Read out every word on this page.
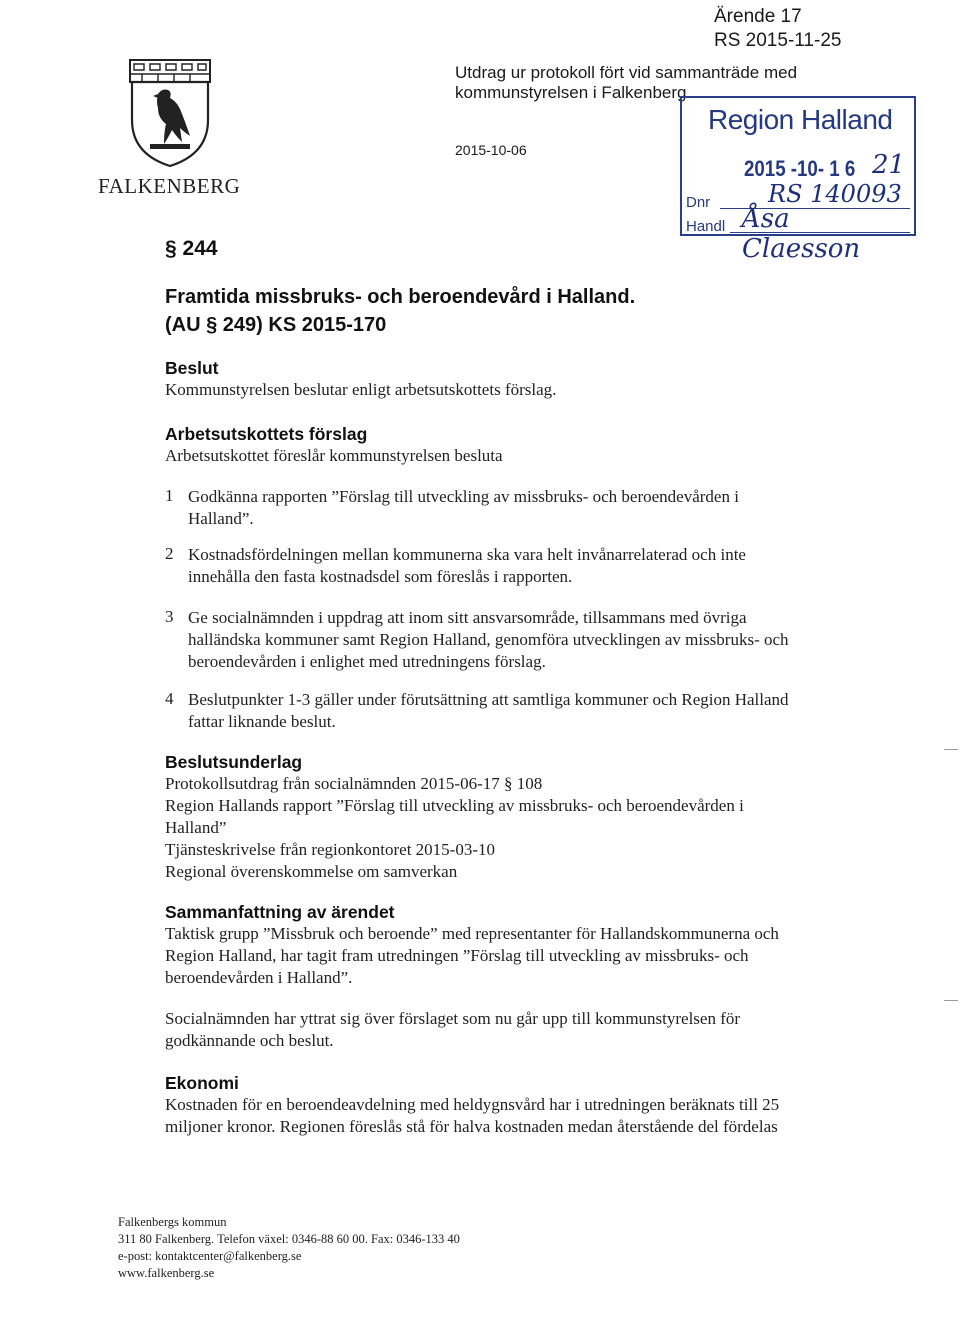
FALKENBERG
Ärende 17
RS 2015-11-25
Utdrag ur protokoll fört vid sammanträde med
kommunstyrelsen i Falkenberg
2015-10-06
Region Halland
2015 -10- 1 6 21
Dnr RS 140093
Handl Åsa Claesson
§ 244
Framtida missbruks- och beroendevård i Halland.
(AU § 249) KS 2015-170
Beslut
Kommunstyrelsen beslutar enligt arbetsutskottets förslag.
Arbetsutskottets förslag
Arbetsutskottet föreslår kommunstyrelsen besluta
1 Godkänna rapporten ”Förslag till utveckling av missbruks- och beroendevården i
Halland”.
2 Kostnadsfördelningen mellan kommunerna ska vara helt invånarrelaterad och inte
innehålla den fasta kostnadsdel som föreslås i rapporten.
3 Ge socialnämnden i uppdrag att inom sitt ansvarsområde, tillsammans med övriga
halländska kommuner samt Region Halland, genomföra utvecklingen av missbruks- och
beroendevården i enlighet med utredningens förslag.
4 Beslutpunkter 1-3 gäller under förutsättning att samtliga kommuner och Region Halland
fattar liknande beslut.
Beslutsunderlag
Protokollsutdrag från socialnämnden 2015-06-17 § 108
Region Hallands rapport ”Förslag till utveckling av missbruks- och beroendevården i
Halland”
Tjänsteskrivelse från regionkontoret 2015-03-10
Regional överenskommelse om samverkan
Sammanfattning av ärendet
Taktisk grupp ”Missbruk och beroende” med representanter för Hallandskommunerna och
Region Halland, har tagit fram utredningen ”Förslag till utveckling av missbruks- och
beroendevården i Halland”.
Socialnämnden har yttrat sig över förslaget som nu går upp till kommunstyrelsen för
godkännande och beslut.
Ekonomi
Kostnaden för en beroendeavdelning med heldygnsvård har i utredningen beräknats till 25
miljoner kronor. Regionen föreslås stå för halva kostnaden medan återstående del fördelas
Falkenbergs kommun
311 80 Falkenberg. Telefon växel: 0346-88 60 00. Fax: 0346-133 40
e-post: kontaktcenter@falkenberg.se
www.falkenberg.se
